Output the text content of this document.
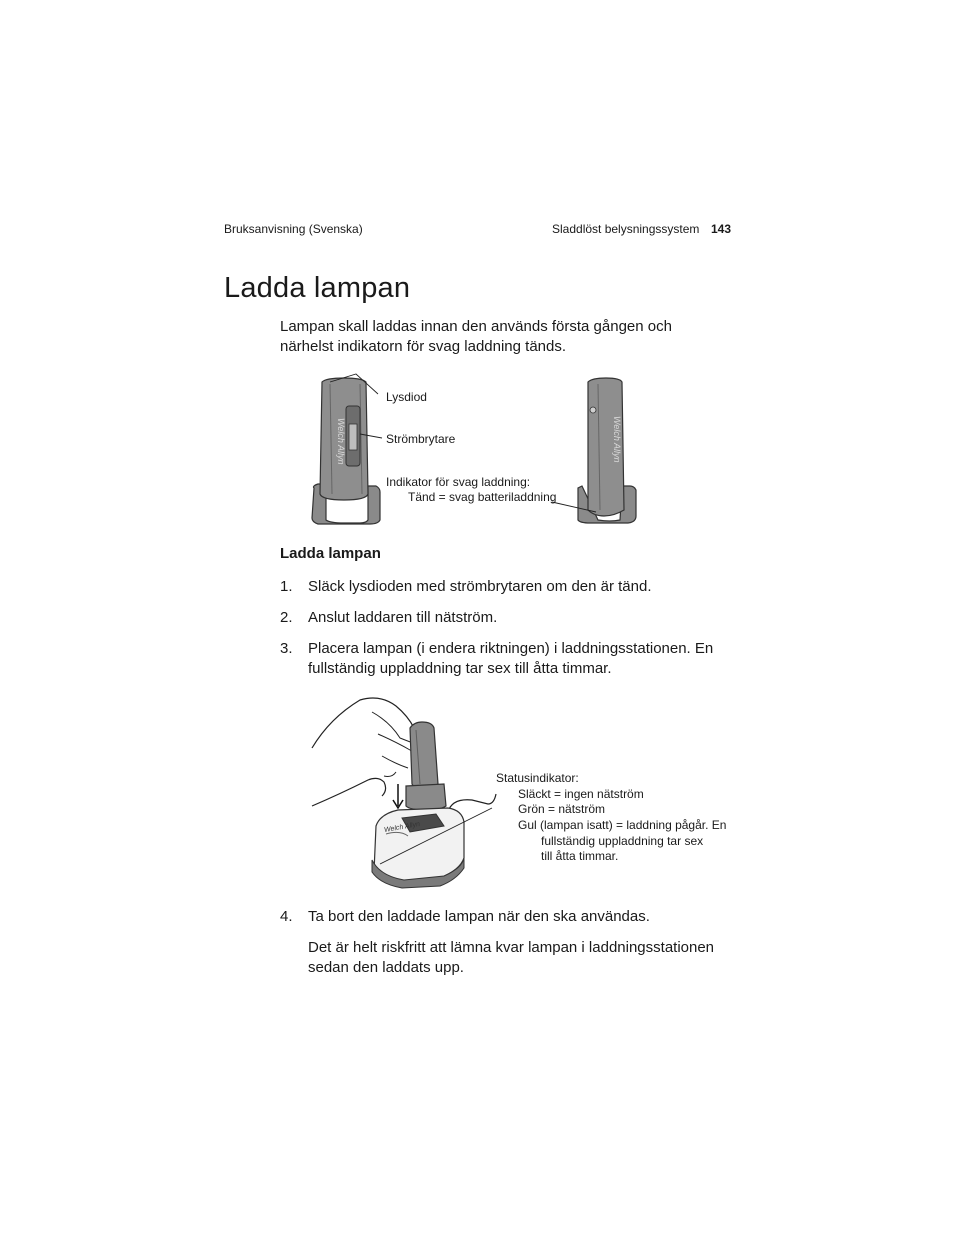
Bruksanvisning (Svenska)	Sladdlöst belysningssystem 143
Ladda lampan
Lampan skall laddas innan den används första gången och
närhelst indikatorn för svag laddning tänds.
Welch Allyn	Welch Allyn
Lysdiod
Strömbrytare
Indikator för svag laddning:
Tänd = svag batteriladdning
Ladda lampan
1. Släck lysdioden med strömbrytaren om den är tänd.
2. Anslut laddaren till nätström.
3. Placera lampan (i endera riktningen) i laddningsstationen. En
fullständig uppladdning tar sex till åtta timmar.
Welch Allyn
Statusindikator:
Släckt = ingen nätström
Grön = nätström
Gul (lampan isatt) = laddning pågår. En
fullständig uppladdning tar sex
till åtta timmar.
4. Ta bort den laddade lampan när den ska användas.
Det är helt riskfritt att lämna kvar lampan i laddningsstationen
sedan den laddats upp.
